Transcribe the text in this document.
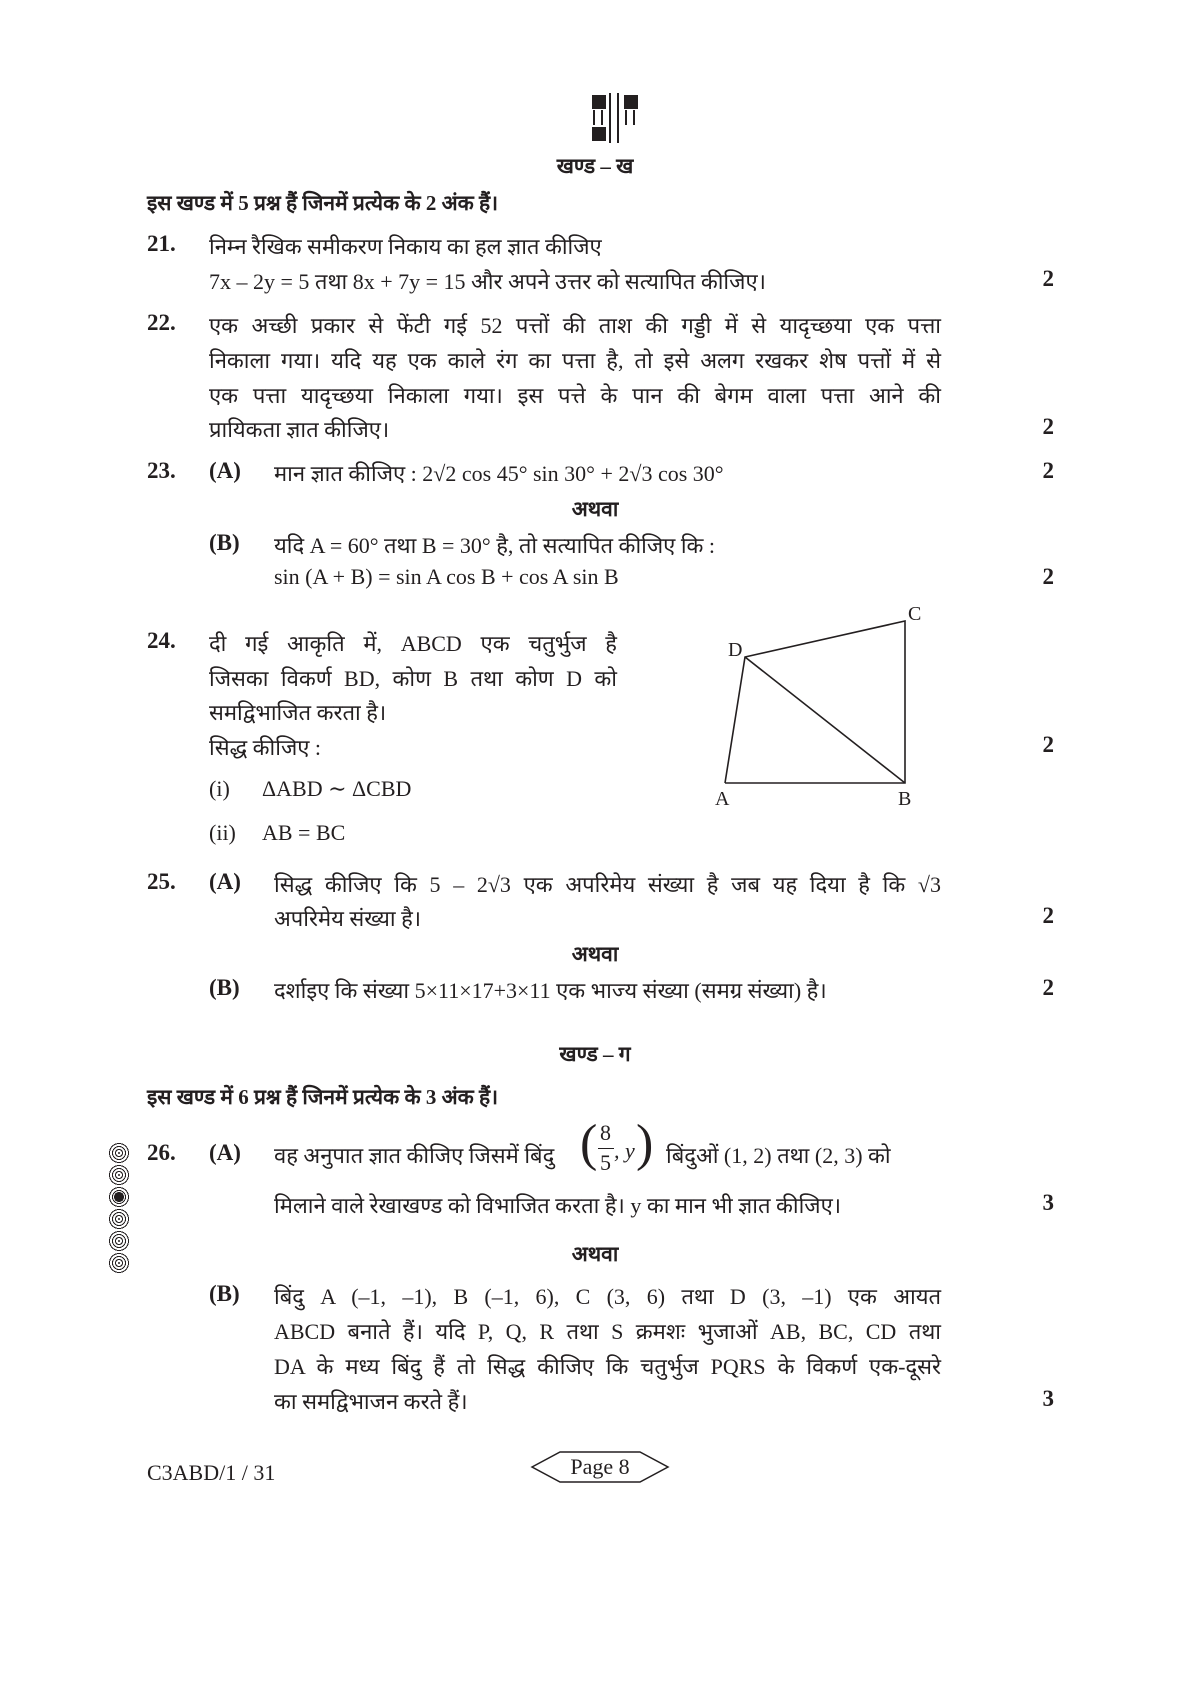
खण्ड – ख
इस खण्ड में 5 प्रश्न हैं जिनमें प्रत्येक के 2 अंक हैं।
21. निम्न रैखिक समीकरण निकाय का हल ज्ञात कीजिए
7x – 2y = 5 तथा 8x + 7y = 15 और अपने उत्तर को सत्यापित कीजिए।	2
22. एक अच्छी प्रकार से फेंटी गई 52 पत्तों की ताश की गड्डी में से यादृच्छया एक पत्ता
निकाला गया। यदि यह एक काले रंग का पत्ता है, तो इसे अलग रखकर शेष पत्तों में से
एक पत्ता यादृच्छया निकाला गया। इस पत्ते के पान की बेगम वाला पत्ता आने की
प्रायिकता ज्ञात कीजिए।	2
23. (A) मान ज्ञात कीजिए : 2√2 cos 45° sin 30° + 2√3 cos 30°	2
अथवा
(B) यदि A = 60° तथा B = 30° है, तो सत्यापित कीजिए कि :
sin (A + B) = sin A cos B + cos A sin B	2
24. दी गई आकृति में, ABCD एक चतुर्भुज है
जिसका विकर्ण BD, कोण B तथा कोण D को
समद्विभाजित करता है।
सिद्ध कीजिए :	2
(i) ΔABD ∼ ΔCBD
(ii) AB = BC
A	B
C
D
25. (A) सिद्ध कीजिए कि 5 – 2√3 एक अपरिमेय संख्या है जब यह दिया है कि √3
अपरिमेय संख्या है।	2
अथवा
(B) दर्शाइए कि संख्या 5×11×17+3×11 एक भाज्य संख्या (समग्र संख्या) है।	2
खण्ड – ग
इस खण्ड में 6 प्रश्न हैं जिनमें प्रत्येक के 3 अंक हैं।
26. (A) वह अनुपात ज्ञात कीजिए जिसमें बिंदु ( 8
5 , y ) बिंदुओं (1, 2) तथा (2, 3) को
मिलाने वाले रेखाखण्ड को विभाजित करता है। y का मान भी ज्ञात कीजिए।	3
अथवा
(B) बिंदु A (–1, –1), B (–1, 6), C (3, 6) तथा D (3, –1) एक आयत
ABCD बनाते हैं। यदि P, Q, R तथा S क्रमशः भुजाओं AB, BC, CD तथा
DA के मध्य बिंदु हैं तो सिद्ध कीजिए कि चतुर्भुज PQRS के विकर्ण एक-दूसरे
का समद्विभाजन करते हैं।	3
C3ABD/1 / 31	Page 8
